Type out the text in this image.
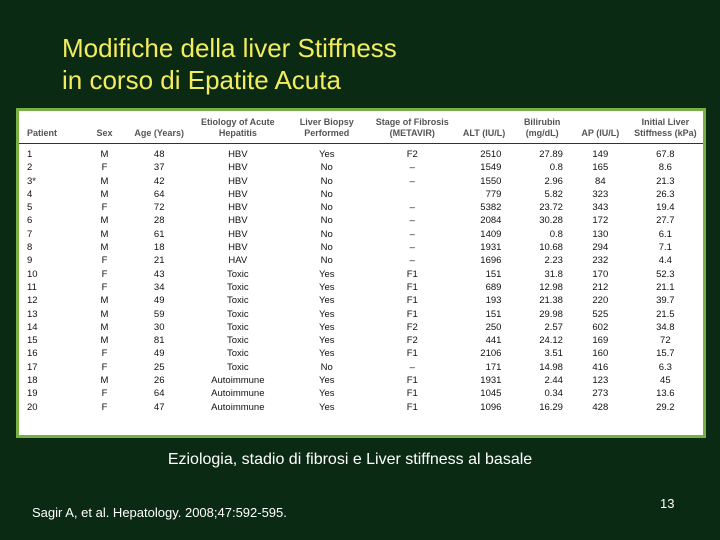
Modifiche della liver Stiffness
in corso di Epatite Acuta
Patient	Sex	Age (Years)	Etiology of Acute Hepatitis	Liver Biopsy Performed	Stage of Fibrosis (METAVIR)	ALT (IU/L)	Bilirubin (mg/dL)	AP (IU/L)	Initial Liver Stiffness (kPa)
1	M	48	HBV	Yes	F2	2510	27.89	149	67.8
2	F	37	HBV	No	–	1549	0.8	165	8.6
3*	M	42	HBV	No	–	1550	2.96	84	21.3
4	M	64	HBV	No		779	5.82	323	26.3
5	F	72	HBV	No	–	5382	23.72	343	19.4
6	M	28	HBV	No	–	2084	30.28	172	27.7
7	M	61	HBV	No	–	1409	0.8	130	6.1
8	M	18	HBV	No	–	1931	10.68	294	7.1
9	F	21	HAV	No	–	1696	2.23	232	4.4
10	F	43	Toxic	Yes	F1	151	31.8	170	52.3
11	F	34	Toxic	Yes	F1	689	12.98	212	21.1
12	M	49	Toxic	Yes	F1	193	21.38	220	39.7
13	M	59	Toxic	Yes	F1	151	29.98	525	21.5
14	M	30	Toxic	Yes	F2	250	2.57	602	34.8
15	M	81	Toxic	Yes	F2	441	24.12	169	72
16	F	49	Toxic	Yes	F1	2106	3.51	160	15.7
17	F	25	Toxic	No	–	171	14.98	416	6.3
18	M	26	Autoimmune	Yes	F1	1931	2.44	123	45
19	F	64	Autoimmune	Yes	F1	1045	0.34	273	13.6
20	F	47	Autoimmune	Yes	F1	1096	16.29	428	29.2
Eziologia, stadio di fibrosi e Liver stiffness al basale
Sagir A, et al. Hepatology. 2008;47:592-595.
13
